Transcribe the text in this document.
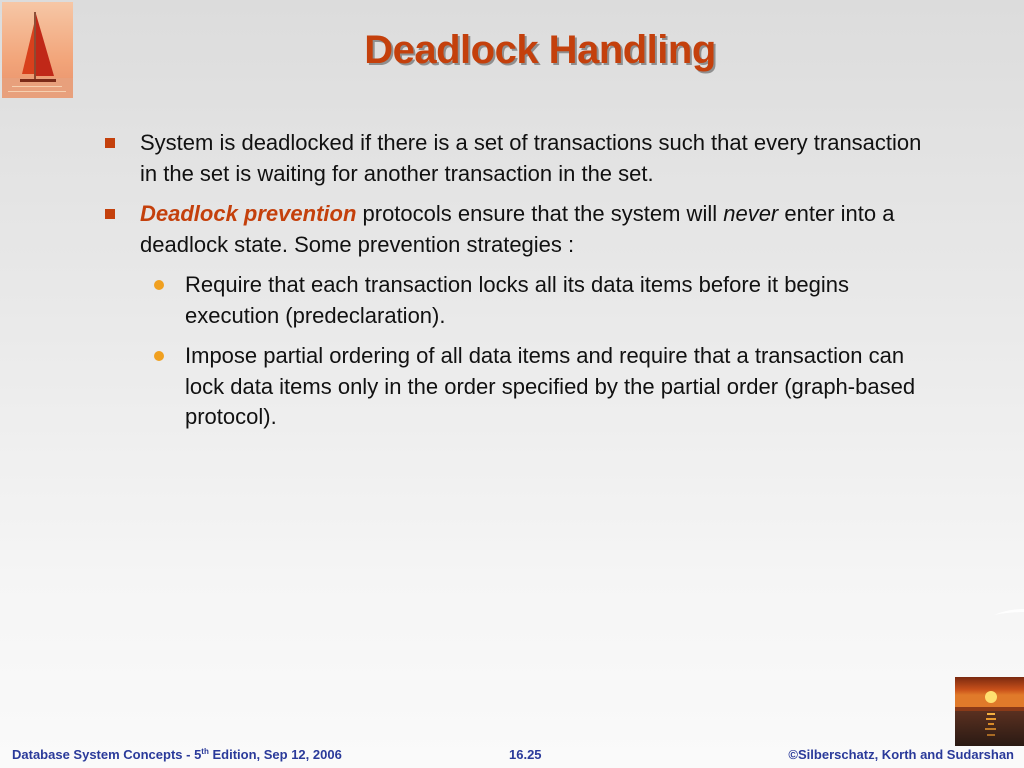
Deadlock Handling
System is deadlocked if there is a set of transactions such that every transaction in the set is waiting for another transaction in the set.
Deadlock prevention protocols ensure that the system will never enter into a deadlock state. Some prevention strategies :
Require that each transaction locks all its data items before it begins execution (predeclaration).
Impose partial ordering of all data items and require that a transaction can lock data items only in the order specified by the partial order (graph-based protocol).
Database System Concepts - 5th Edition, Sep 12, 2006	16.25	©Silberschatz, Korth and Sudarshan
